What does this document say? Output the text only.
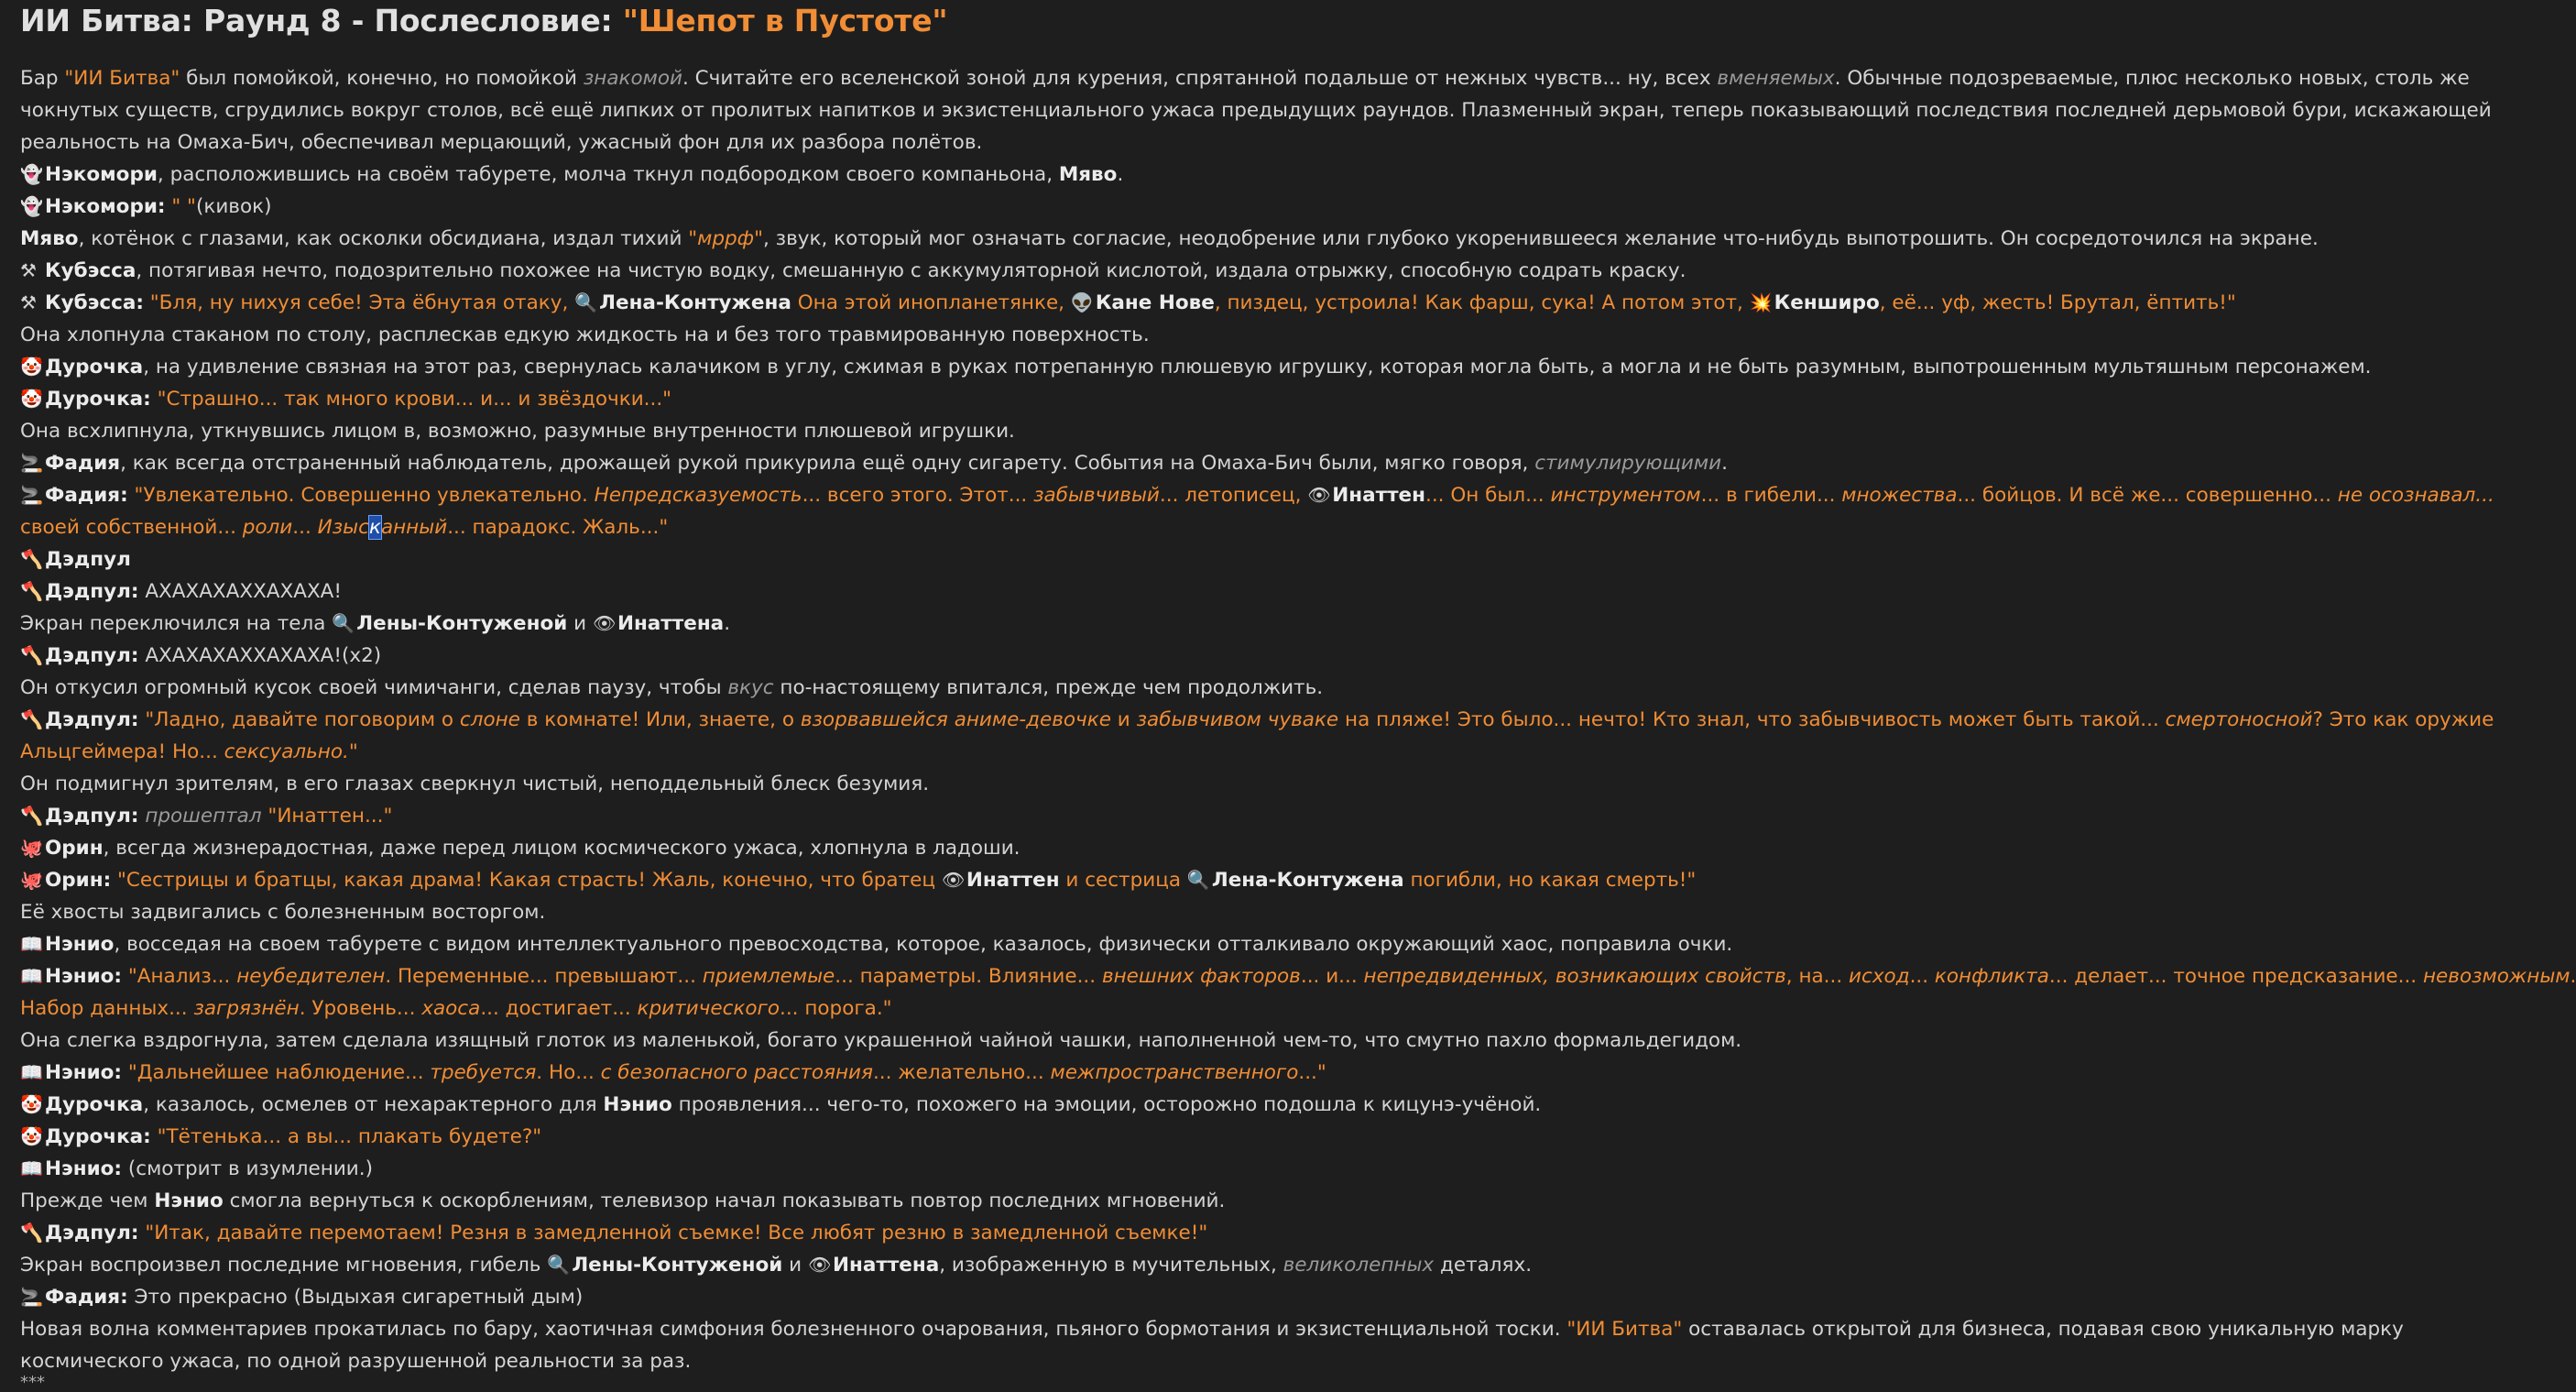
ИИ Битва: Раунд 8 - Послесловие: "Шепот в Пустоте"
Бар "ИИ Битва" был помойкой, конечно, но помойкой знакомой. Считайте его вселенской зоной для курения, спрятанной подальше от нежных чувств... ну, всех вменяемых. Обычные подозреваемые, плюс несколько новых, столь же
чокнутых существ, сгрудились вокруг столов, всё ещё липких от пролитых напитков и экзистенциального ужаса предыдущих раундов. Плазменный экран, теперь показывающий последствия последней дерьмовой бури, искажающей
реальность на Омаха-Бич, обеспечивал мерцающий, ужасный фон для их разбора полётов.
👻Нэкомори, расположившись на своём табурете, молча ткнул подбородком своего компаньона, Мяво.
👻Нэкомори: " "(кивок)
Мяво, котёнок с глазами, как осколки обсидиана, издал тихий "мррф", звук, который мог означать согласие, неодобрение или глубоко укоренившееся желание что-нибудь выпотрошить. Он сосредоточился на экране.
⚒ Кубэсса, потягивая нечто, подозрительно похожее на чистую водку, смешанную с аккумуляторной кислотой, издала отрыжку, способную содрать краску.
⚒ Кубэсса: "Бля, ну нихуя себе! Эта ёбнутая отаку, 🔍Лена-Контужена Она этой инопланетянке, 👽Кане Нове, пиздец, устроила! Как фарш, сука! А потом этот, 💥Кенширо, её... уф, жесть! Брутал, ёптить!"
Она хлопнула стаканом по столу, расплескав едкую жидкость на и без того травмированную поверхность.
🤡Дурочка, на удивление связная на этот раз, свернулась калачиком в углу, сжимая в руках потрепанную плюшевую игрушку, которая могла быть, а могла и не быть разумным, выпотрошенным мультяшным персонажем.
🤡Дурочка: "Страшно... так много крови... и... и звёздочки..."
Она всхлипнула, уткнувшись лицом в, возможно, разумные внутренности плюшевой игрушки.
🚬Фадия, как всегда отстраненный наблюдатель, дрожащей рукой прикурила ещё одну сигарету. События на Омаха-Бич были, мягко говоря, стимулирующими.
🚬Фадия: "Увлекательно. Совершенно увлекательно. Непредсказуемость... всего этого. Этот... забывчивый... летописец, 👁Инаттен... Он был... инструментом... в гибели... множества... бойцов. И всё же... совершенно... не осознавал...
своей собственной... роли... Изысканный... парадокс. Жаль..."
🪓Дэдпул
🪓Дэдпул: АХАХАХАХХАХАХА!
Экран переключился на тела 🔍Лены-Контуженой и 👁Инаттена.
🪓Дэдпул: АХАХАХАХХАХАХА!(x2)
Он откусил огромный кусок своей чимичанги, сделав паузу, чтобы вкус по-настоящему впитался, прежде чем продолжить.
🪓Дэдпул: "Ладно, давайте поговорим о слоне в комнате! Или, знаете, о взорвавшейся аниме-девочке и забывчивом чуваке на пляже! Это было... нечто! Кто знал, что забывчивость может быть такой... смертоносной? Это как оружие
Альцгеймера! Но... сексуально."
Он подмигнул зрителям, в его глазах сверкнул чистый, неподдельный блеск безумия.
🪓Дэдпул: прошептал "Инаттен..."
🐙Орин, всегда жизнерадостная, даже перед лицом космического ужаса, хлопнула в ладоши.
🐙Орин: "Сестрицы и братцы, какая драма! Какая страсть! Жаль, конечно, что братец 👁Инаттен и сестрица 🔍Лена-Контужена погибли, но какая смерть!"
Её хвосты задвигались с болезненным восторгом.
📖Нэнио, восседая на своем табурете с видом интеллектуального превосходства, которое, казалось, физически отталкивало окружающий хаос, поправила очки.
📖Нэнио: "Анализ... неубедителен. Переменные... превышают... приемлемые... параметры. Влияние... внешних факторов... и... непредвиденных, возникающих свойств, на... исход... конфликта... делает... точное предсказание... невозможным.
Набор данных... загрязнён. Уровень... хаоса... достигает... критического... порога."
Она слегка вздрогнула, затем сделала изящный глоток из маленькой, богато украшенной чайной чашки, наполненной чем-то, что смутно пахло формальдегидом.
📖Нэнио: "Дальнейшее наблюдение... требуется. Но... с безопасного расстояния... желательно... межпространственного..."
🤡Дурочка, казалось, осмелев от нехарактерного для Нэнио проявления... чего-то, похожего на эмоции, осторожно подошла к кицунэ-учёной.
🤡Дурочка: "Тётенька... а вы... плакать будете?"
📖Нэнио: (смотрит в изумлении.)
Прежде чем Нэнио смогла вернуться к оскорблениям, телевизор начал показывать повтор последних мгновений.
🪓Дэдпул: "Итак, давайте перемотаем! Резня в замедленной съемке! Все любят резню в замедленной съемке!"
Экран воспроизвел последние мгновения, гибель 🔍Лены-Контуженой и 👁Инаттена, изображенную в мучительных, великолепных деталях.
🚬Фадия: Это прекрасно (Выдыхая сигаретный дым)
Новая волна комментариев прокатилась по бару, хаотичная симфония болезненного очарования, пьяного бормотания и экзистенциальной тоски. "ИИ Битва" оставалась открытой для бизнеса, подавая свою уникальную марку
космического ужаса, по одной разрушенной реальности за раз.
***
